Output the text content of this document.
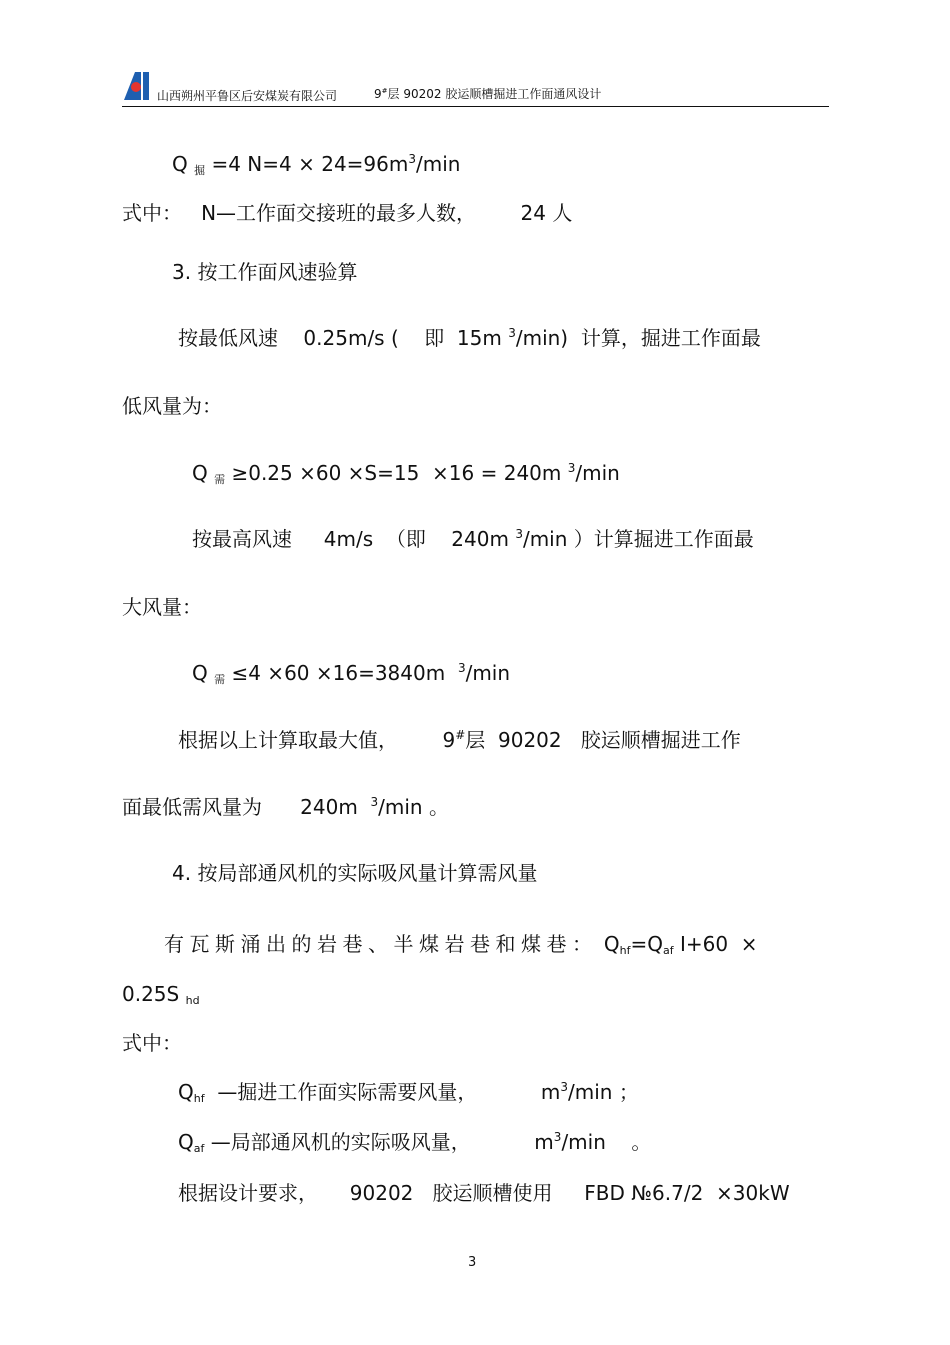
山西朔州平鲁区后安煤炭有限公司	9#层 90202 胶运顺槽掘进工作面通风设计
Q 掘 =4 $N=4 \times 24=96m^3/\min$
式中：   N—工作面交接班的最多人数，       24 人
3. 按工作面风速验算
按最低风速    0.25m/s (    即  15m $^3$/min)  计算，掘进工作面最
低风量为：
Q 需 ≥0.25 ×60 ×S=15  ×16 = 240m $^3$/min
按最高风速     4m/s  （即    240m $^3$/min ）计算掘进工作面最
大风量：
Q 需 ≤4 ×60 ×16=3840m  $^3$/min
根据以上计算取最大值，       9#层  90202   胶运顺槽掘进工作
面最低需风量为      240m  $^3$/min 。
4. 按局部通风机的实际吸风量计算需风量
有瓦斯涌出的岩巷、半煤岩巷和煤巷： Qhf=Qaf I+60  ×
0.25S hd
式中：
Qhf  —掘进工作面实际需要风量，          $m^3/\min$ ；
Qaf —局部通风机的实际吸风量，          $m^3/\min$    。
根据设计要求，     90202   胶运顺槽使用     FBD №6.7/2  ×30kW
3
